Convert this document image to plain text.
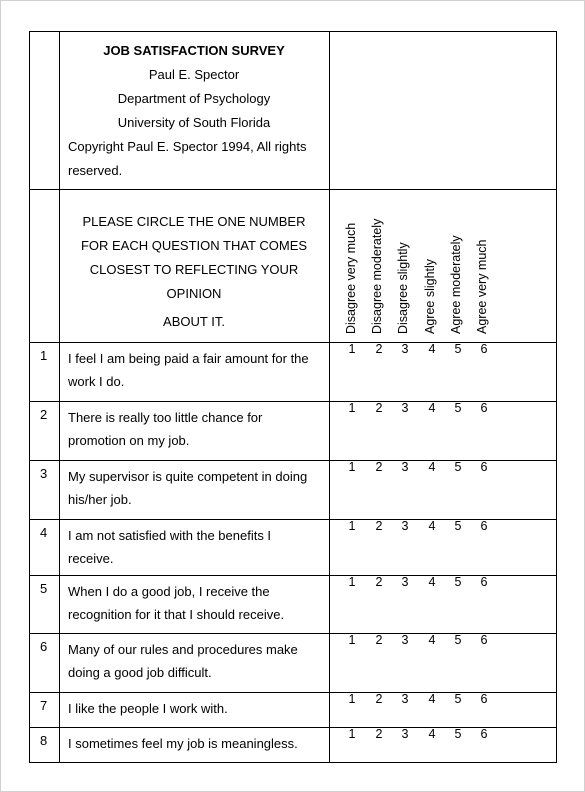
JOB SATISFACTION SURVEY
Paul E. Spector
Department of Psychology
University of South Florida
Copyright Paul E. Spector 1994, All rights
reserved.
PLEASE CIRCLE THE ONE NUMBER
FOR EACH QUESTION THAT COMES
CLOSEST TO REFLECTING YOUR
OPINION
ABOUT IT.	Disagree very much Disagree moderately Disagree slightly Agree slightly Agree moderately Agree very much
1 I feel I am being paid a fair amount for the
work I do.
1 2 3 4 5 6
2 There is really too little chance for
promotion on my job.
1 2 3 4 5 6
3 My supervisor is quite competent in doing
his/her job.
1 2 3 4 5 6
4 I am not satisfied with the benefits I
receive.
1 2 3 4 5 6
5 When I do a good job, I receive the
recognition for it that I should receive.
1 2 3 4 5 6
6 Many of our rules and procedures make
doing a good job difficult.
1 2 3 4 5 6
7 I like the people I work with.
1 2 3 4 5 6
8 I sometimes feel my job is meaningless.
1 2 3 4 5 6
